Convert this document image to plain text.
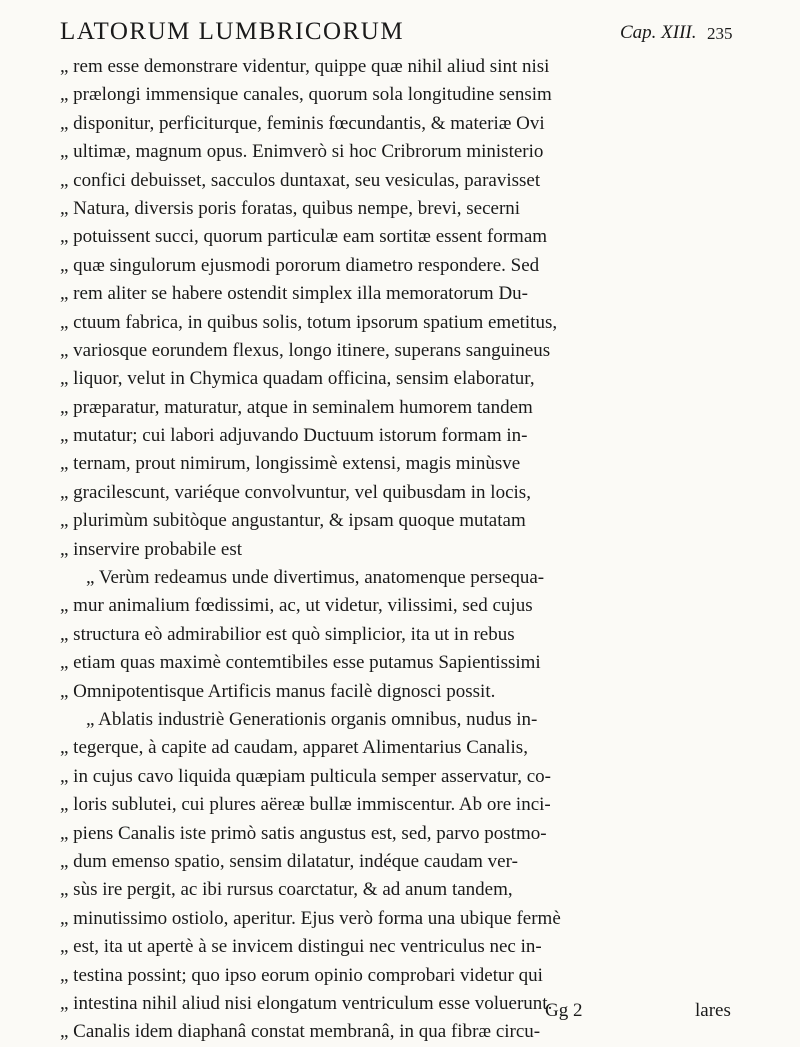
LATORUM LUMBRICORUM	Cap. XIII. 235
„ rem esse demonstrare videntur, quippe quæ nihil aliud sint nisi
„ prælongi immensique canales, quorum sola longitudine sensim
„ disponitur, perficiturque, feminis fœcundantis, & materiæ Ovi
„ ultimæ, magnum opus. Enimverò si hoc Cribrorum ministerio
„ confici debuisset, sacculos duntaxat, seu vesiculas, paravisset
„ Natura, diversis poris foratas, quibus nempe, brevi, secerni
„ potuissent succi, quorum particulæ eam sortitæ essent formam
„ quæ singulorum ejusmodi pororum diametro respondere. Sed
„ rem aliter se habere ostendit simplex illa memoratorum Du-
„ ctuum fabrica, in quibus solis, totum ipsorum spatium emetitus,
„ variosque eorundem flexus, longo itinere, superans sanguineus
„ liquor, velut in Chymica quadam officina, sensim elaboratur,
„ præparatur, maturatur, atque in seminalem humorem tandem
„ mutatur; cui labori adjuvando Ductuum istorum formam in-
„ ternam, prout nimirum, longissimè extensi, magis minùsve
„ gracilescunt, variéque convolvuntur, vel quibusdam in locis,
„ plurimùm subitòque angustantur, & ipsam quoque mutatam
„ inservire probabile est
„ Verùm redeamus unde divertimus, anatomenque persequa-
„ mur animalium fœdissimi, ac, ut videtur, vilissimi, sed cujus
„ structura eò admirabilior est quò simplicior, ita ut in rebus
„ etiam quas maximè contemtibiles esse putamus Sapientissimi
„ Omnipotentisque Artificis manus facilè dignosci possit.
„ Ablatis industriè Generationis organis omnibus, nudus in-
„ tegerque, à capite ad caudam, apparet Alimentarius Canalis,
„ in cujus cavo liquida quæpiam pulticula semper asservatur, co-
„ loris sublutei, cui plures aëreæ bullæ immiscentur. Ab ore inci-
„ piens Canalis iste primò satis angustus est, sed, parvo postmo-
„ dum emenso spatio, sensim dilatatur, indéque caudam ver-
„ sùs ire pergit, ac ibi rursus coarctatur, & ad anum tandem,
„ minutissimo ostiolo, aperitur. Ejus verò forma una ubique fermè
„ est, ita ut apertè à se invicem distingui nec ventriculus nec in-
„ testina possint; quo ipso eorum opinio comprobari videtur qui
„ intestina nihil aliud nisi elongatum ventriculum esse voluerunt.
„ Canalis idem diaphanâ constat membranâ, in qua fibræ circu-
Gg 2	lares
